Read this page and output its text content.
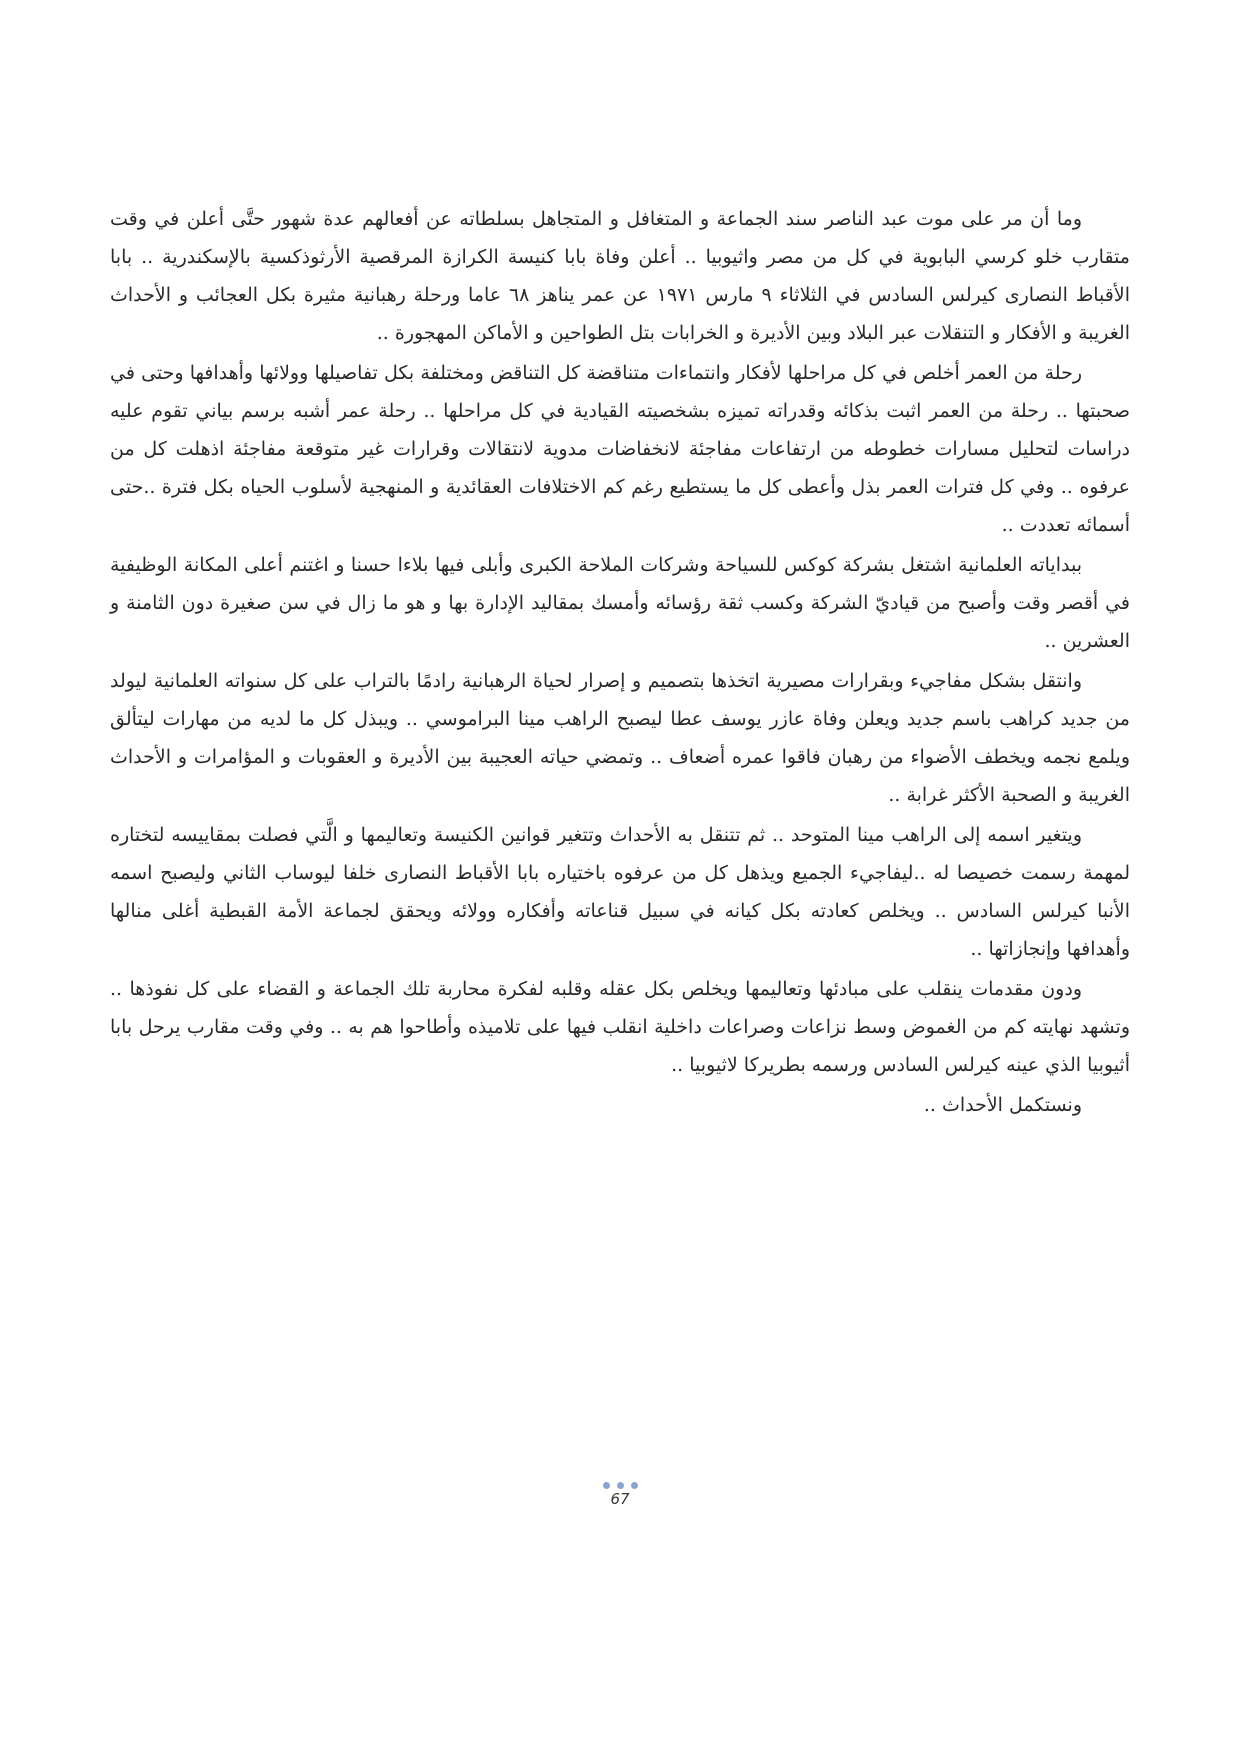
وما أن مر على موت عبد الناصر سند الجماعة و المتغافل و المتجاهل بسلطاته عن أفعالهم عدة شهور حتَّى أعلن في وقت متقارب خلو كرسي البابوية في كل من مصر واثيوبيا .. أعلن وفاة بابا كنيسة الكرازة المرقصية الأرثوذكسية بالإسكندرية .. بابا الأقباط النصارى كيرلس السادس في الثلاثاء ٩ مارس ١٩٧١ عن عمر يناهز ٦٨ عاما ورحلة رهبانية مثيرة بكل العجائب و الأحداث الغريبة و الأفكار و التنقلات عبر البلاد وبين الأديرة و الخرابات بتل الطواحين و الأماكن المهجورة ..

رحلة من العمر أخلص في كل مراحلها لأفكار وانتماءات متناقضة كل التناقض ومختلفة بكل تفاصيلها وولائها وأهدافها وحتى في صحبتها .. رحلة من العمر اثبت بذكائه وقدراته تميزه بشخصيته القيادية في كل مراحلها .. رحلة عمر أشبه برسم بياني تقوم عليه دراسات لتحليل مسارات خطوطه من ارتفاعات مفاجئة لانخفاضات مدوية لانتقالات وقرارات غير متوقعة مفاجئة اذهلت كل من عرفوه .. وفي كل فترات العمر بذل وأعطى كل ما يستطيع رغم كم الاختلافات العقائدية و المنهجية لأسلوب الحياه بكل فترة ..حتى أسمائه تعددت ..

ببداياته العلمانية اشتغل بشركة كوكس للسياحة وشركات الملاحة الكبرى وأبلى فيها بلاءا حسنا و اغتنم أعلى المكانة الوظيفية في أقصر وقت وأصبح من قياديّ الشركة وكسب ثقة رؤسائه وأمسك بمقاليد الإدارة بها و هو ما زال في سن صغيرة دون الثامنة و العشرين ..

وانتقل بشكل مفاجيء وبقرارات مصيرية اتخذها بتصميم و إصرار لحياة الرهبانية رادمًا بالتراب على كل سنواته العلمانية ليولد من جديد كراهب باسم جديد ويعلن وفاة عازر يوسف عطا ليصبح الراهب مينا البراموسي .. ويبذل كل ما لديه من مهارات ليتألق ويلمع نجمه ويخطف الأضواء من رهبان فاقوا عمره أضعاف .. وتمضي حياته العجيبة بين الأديرة و العقوبات و المؤامرات و الأحداث الغريبة و الصحبة الأكثر غرابة ..

ويتغير اسمه إلى الراهب مينا المتوحد .. ثم تتنقل به الأحداث وتتغير قوانين الكنيسة وتعاليمها و الَّتي فصلت بمقاييسه لتختاره لمهمة رسمت خصيصا له ..ليفاجيء الجميع ويذهل كل من عرفوه باختياره بابا الأقباط النصارى خلفا ليوساب الثاني وليصبح اسمه الأنبا كيرلس السادس .. ويخلص كعادته بكل كيانه في سبيل قناعاته وأفكاره وولائه ويحقق لجماعة الأمة القبطية أغلى منالها وأهدافها وإنجازاتها ..

ودون مقدمات ينقلب على مبادئها وتعاليمها ويخلص بكل عقله وقلبه لفكرة محاربة تلك الجماعة و القضاء على كل نفوذها .. وتشهد نهايته كم من الغموض وسط نزاعات وصراعات داخلية انقلب فيها على تلاميذه وأطاحوا هم به .. وفي وقت مقارب يرحل بابا أثيوبيا الذي عينه كيرلس السادس ورسمه بطريركا لاثيوبيا ..

ونستكمل الأحداث ..

67
